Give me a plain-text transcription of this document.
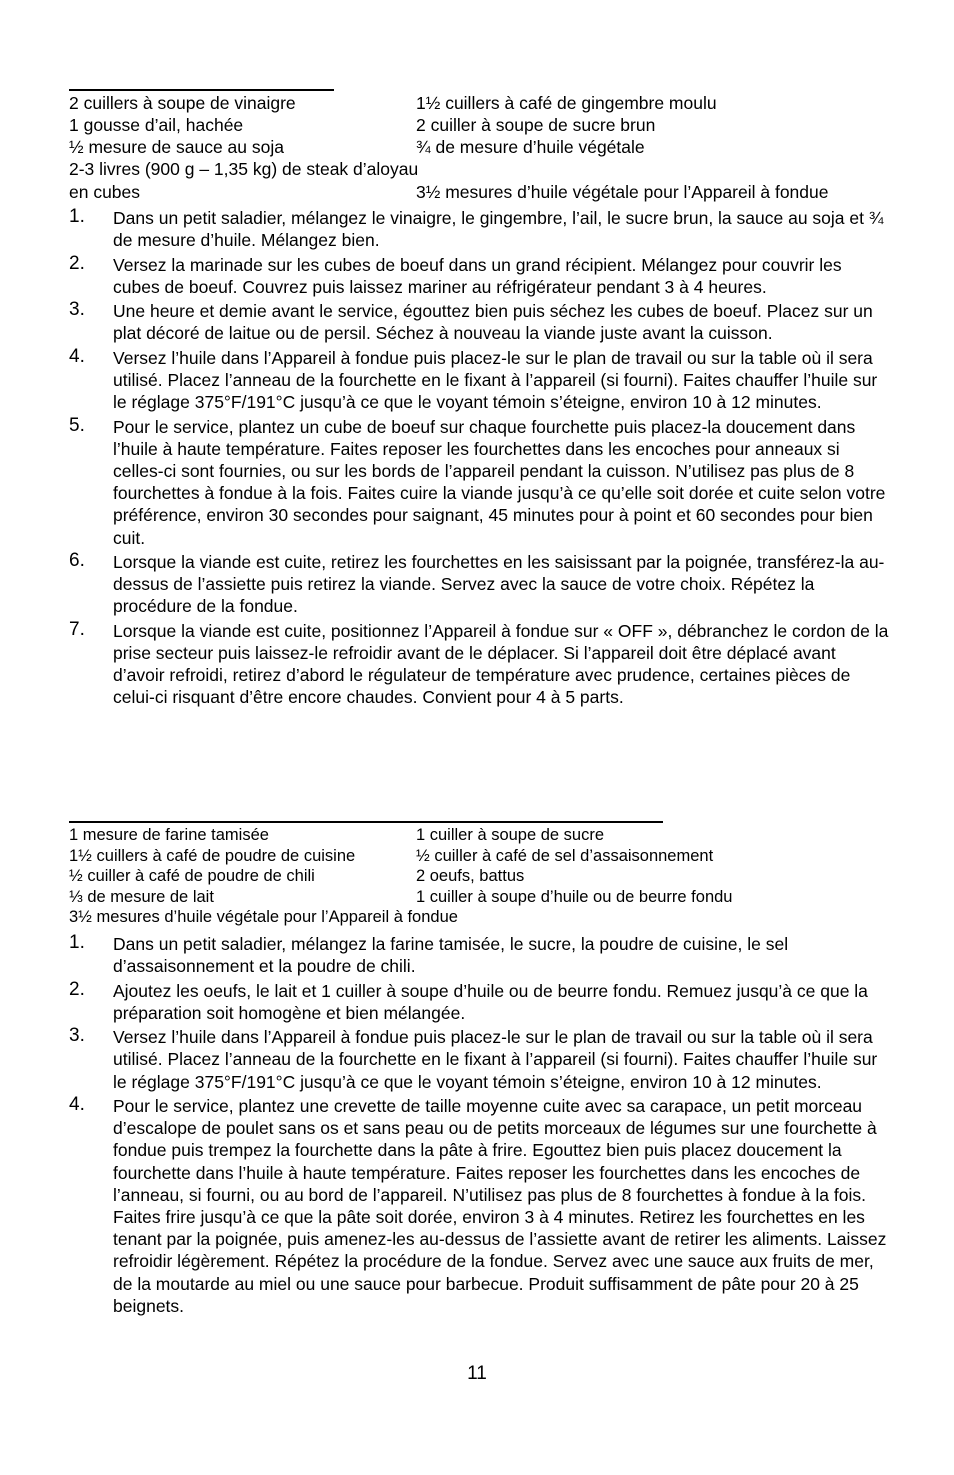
2 cuillers à soupe de vinaigre	1½ cuillers à café de gingembre moulu
1 gousse d’ail, hachée	2 cuiller à soupe de sucre brun
½ mesure de sauce au soja	¾ de mesure d’huile végétale
2-3 livres (900 g – 1,35 kg) de steak d’aloyau
en cubes	3½ mesures d’huile végétale pour l’Appareil à fondue
1. Dans un petit saladier, mélangez le vinaigre, le gingembre, l’ail, le sucre brun, la sauce au soja et ¾ de mesure d’huile. Mélangez bien.
2. Versez la marinade sur les cubes de boeuf dans un grand récipient. Mélangez pour couvrir les cubes de boeuf. Couvrez puis laissez mariner au réfrigérateur pendant 3 à 4 heures.
3. Une heure et demie avant le service, égouttez bien puis séchez les cubes de boeuf. Placez sur un plat décoré de laitue ou de persil. Séchez à nouveau la viande juste avant la cuisson.
4. Versez l’huile dans l’Appareil à fondue puis placez-le sur le plan de travail ou sur la table où il sera utilisé. Placez l’anneau de la fourchette en le fixant à l’appareil (si fourni). Faites chauffer l’huile sur le réglage 375°F/191°C jusqu’à ce que le voyant témoin s’éteigne, environ 10 à 12 minutes.
5. Pour le service, plantez un cube de boeuf sur chaque fourchette puis placez-la doucement dans l’huile à haute température. Faites reposer les fourchettes dans les encoches pour anneaux si celles-ci sont fournies, ou sur les bords de l’appareil pendant la cuisson. N’utilisez pas plus de 8 fourchettes à fondue à la fois. Faites cuire la viande jusqu’à ce qu’elle soit dorée et cuite selon votre préférence, environ 30 secondes pour saignant, 45 minutes pour à point et 60 secondes pour bien cuit.
6. Lorsque la viande est cuite, retirez les fourchettes en les saisissant par la poignée, transférez-la au-dessus de l’assiette puis retirez la viande. Servez avec la sauce de votre choix. Répétez la procédure de la fondue.
7. Lorsque la viande est cuite, positionnez l’Appareil à fondue sur « OFF », débranchez le cordon de la prise secteur puis laissez-le refroidir avant de le déplacer. Si l’appareil doit être déplacé avant d’avoir refroidi, retirez d’abord le régulateur de température avec prudence, certaines pièces de celui-ci risquant d’être encore chaudes. Convient pour 4 à 5 parts.
1 mesure de farine tamisée	1 cuiller à soupe de sucre
1½ cuillers à café de poudre de cuisine	½ cuiller à café de sel d’assaisonnement
½ cuiller à café de poudre de chili	2 oeufs, battus
⅓ de mesure de lait	1 cuiller à soupe d’huile ou de beurre fondu
3½ mesures d’huile végétale pour l’Appareil à fondue
1. Dans un petit saladier, mélangez la farine tamisée, le sucre, la poudre de cuisine, le sel d’assaisonnement et la poudre de chili.
2. Ajoutez les oeufs, le lait et 1 cuiller à soupe d’huile ou de beurre fondu. Remuez jusqu’à ce que la préparation soit homogène et bien mélangée.
3. Versez l’huile dans l’Appareil à fondue puis placez-le sur le plan de travail ou sur la table où il sera utilisé. Placez l’anneau de la fourchette en le fixant à l’appareil (si fourni). Faites chauffer l’huile sur le réglage 375°F/191°C jusqu’à ce que le voyant témoin s’éteigne, environ 10 à 12 minutes.
4. Pour le service, plantez une crevette de taille moyenne cuite avec sa carapace, un petit morceau d’escalope de poulet sans os et sans peau ou de petits morceaux de légumes sur une fourchette à fondue puis trempez la fourchette dans la pâte à frire. Egouttez bien puis placez doucement la fourchette dans l’huile à haute température. Faites reposer les fourchettes dans les encoches de l’anneau, si fourni, ou au bord de l’appareil. N’utilisez pas plus de 8 fourchettes à fondue à la fois. Faites frire jusqu’à ce que la pâte soit dorée, environ 3 à 4 minutes. Retirez les fourchettes en les tenant par la poignée, puis amenez-les au-dessus de l’assiette avant de retirer les aliments. Laissez refroidir légèrement. Répétez la procédure de la fondue. Servez avec une sauce aux fruits de mer, de la moutarde au miel ou une sauce pour barbecue. Produit suffisamment de pâte pour 20 à 25 beignets.
11
